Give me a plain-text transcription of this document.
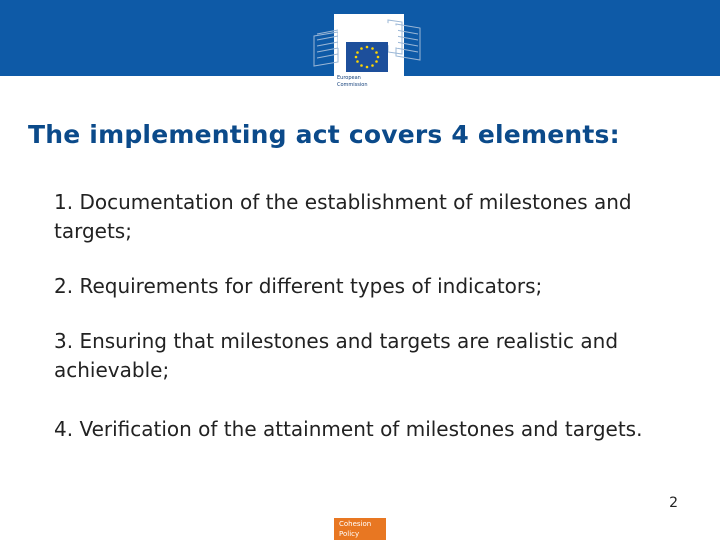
European
Commission
The implementing act covers 4 elements:
1. Documentation of the establishment of milestones and targets;
2. Requirements for different types of indicators;
3. Ensuring that milestones and targets are realistic and achievable;
4. Verification of the attainment of milestones and targets.
2
Cohesion
Policy
